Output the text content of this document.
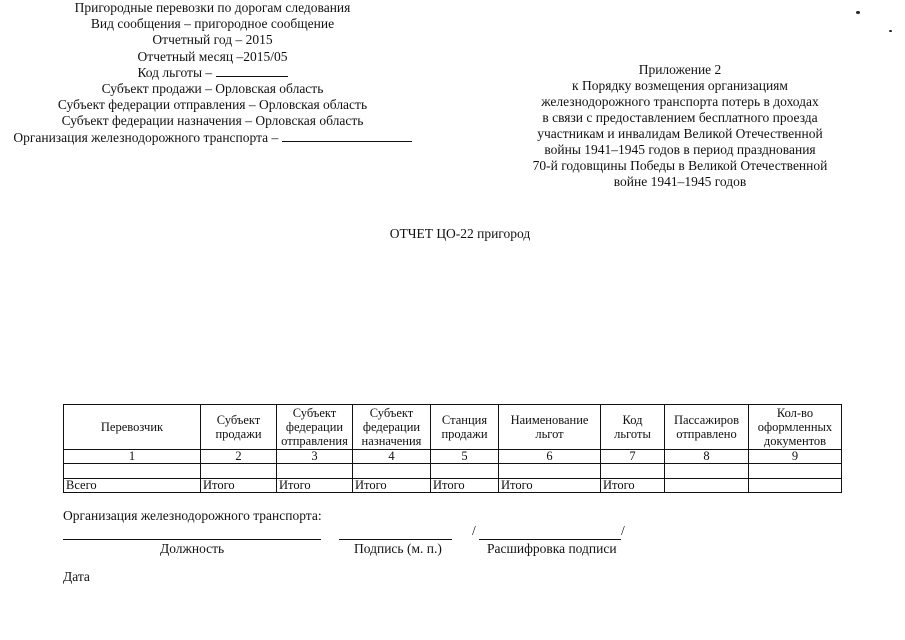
Приложение 2
к Порядку возмещения организациям
железнодорожного транспорта потерь в доходах
в связи с предоставлением бесплатного проезда
участникам и инвалидам Великой Отечественной
войны 1941–1945 годов в период празднования
70-й годовщины Победы в Великой Отечественной
войне 1941–1945 годов
ОТЧЕТ ЦО-22 пригород
Пригородные перевозки по дорогам следования
Вид сообщения – пригородное сообщение
Отчетный год – 2015
Отчетный месяц –2015/05
Код льготы –
Субъект продажи – Орловская область
Субъект федерации отправления – Орловская область
Субъект федерации назначения – Орловская область
Организация железнодорожного транспорта –
Перевозчик	Субъект продажи	Субъект федерации отправления	Субъект федерации назначения	Станция продажи	Наименование льгот	Код льготы	Пассажиров отправлено	Кол-во оформленных документов
1	2	3	4	5	6	7	8	9

Всего	Итого	Итого	Итого	Итого	Итого	Итого		
Организация железнодорожного транспорта:
/	/
Должность	Подпись (м. п.)	Расшифровка подписи
Дата
